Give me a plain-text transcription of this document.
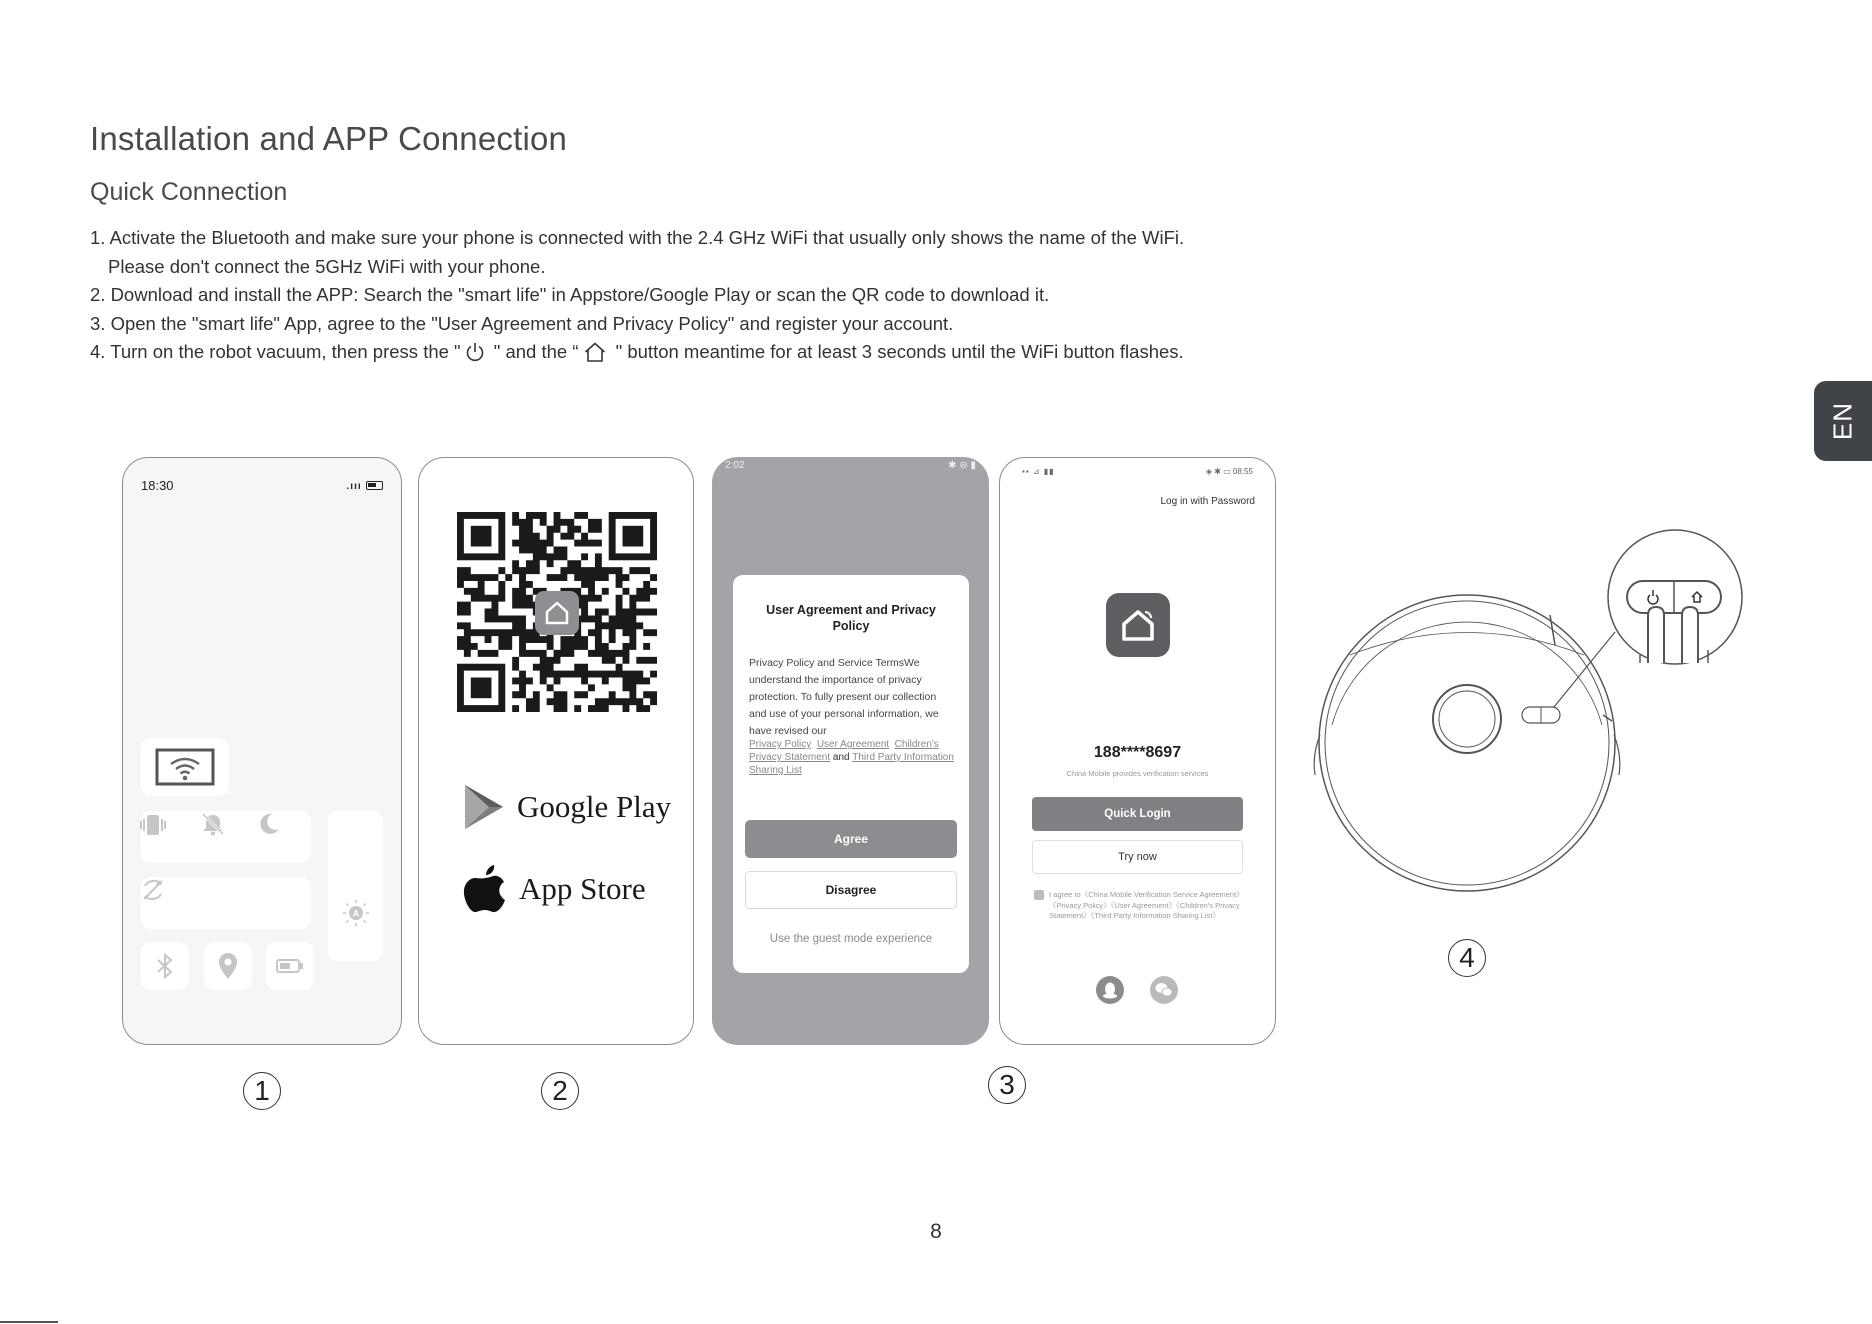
Installation and APP Connection
Quick Connection
1. Activate the Bluetooth and make sure your phone is connected with the 2.4 GHz WiFi that usually only shows the name of the WiFi.
Please don't connect the 5GHz WiFi with your phone.
2. Download and install the APP: Search the "smart life" in Appstore/Google Play or scan the QR code to download it.
3. Open the "smart life" App, agree to the "User Agreement and Privacy Policy" and register your account.
4. Turn on the robot vacuum, then press the " " and the “ " button meantime for at least 3 seconds until the WiFi button flashes.
EN
18:30	.ııı
A
Google Play
App Store
2:02	✱ ⊜ ▮
User Agreement and Privacy Policy
Privacy Policy and Service TermsWe understand the importance of privacy protection. To fully present our collection and use of your personal information, we have revised our
Privacy Policy User Agreement Children's Privacy Statement and Third Party Information Sharing List
Agree
Disagree
Use the guest mode experience
▪▪ ⊿ ▮▮	◈ ✱ ▭ 08:55
Log in with Password
188****8697
China Mobile provides verification services
Quick Login
Try now
I agree to《China Mobile Verification Service Agreement》《Privacy Policy》《User Agreement》《Children's Privacy Statement》《Third Party Information Sharing List》
1	2	3
4
8
